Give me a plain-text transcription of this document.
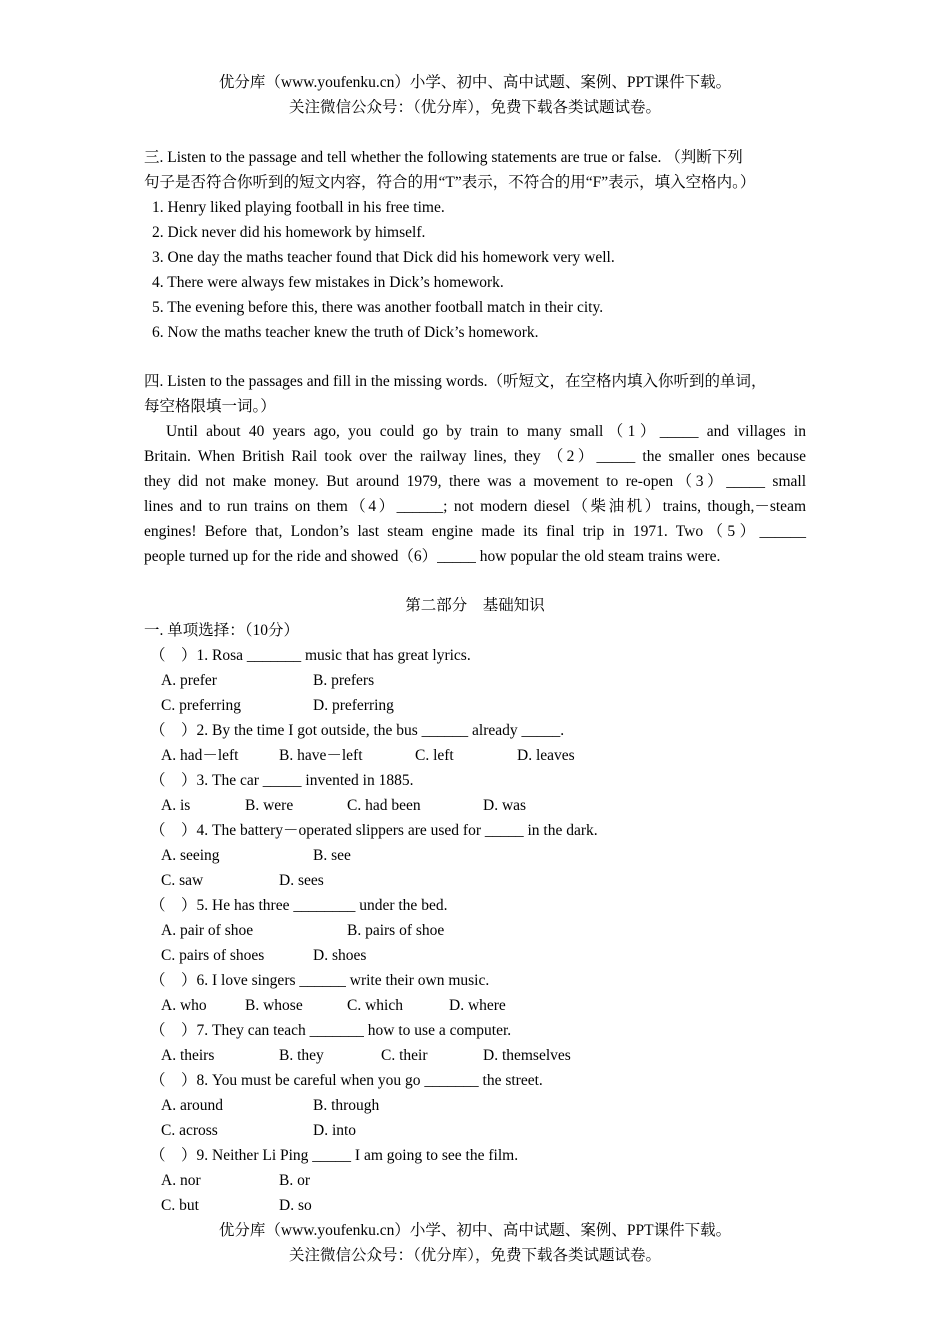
优分库（www.youfenku.cn）小学、初中、高中试题、案例、PPT课件下载。
关注微信公众号：（优分库），免费下载各类试题试卷。
三. Listen to the passage and tell whether the following statements are true or false. （判断下列
句子是否符合你听到的短文内容，符合的用“T”表示，不符合的用“F”表示，填入空格内。）
1. Henry liked playing football in his free time.
2. Dick never did his homework by himself.
3. One day the maths teacher found that Dick did his homework very well.
4. There were always few mistakes in Dick’s homework.
5. The evening before this, there was another football match in their city.
6. Now the maths teacher knew the truth of Dick’s homework.
四. Listen to the passages and fill in the missing words.（听短文，在空格内填入你听到的单词，
每空格限填一词。）
Until about 40 years ago, you could go by train to many small（1）_____ and villages in
Britain. When British Rail took over the railway lines, they （2）_____ the smaller ones because
they did not make money. But around 1979, there was a movement to re-open（3）_____ small
lines and to run trains on them（4）______; not modern diesel（柴油机）trains, though,－steam
engines! Before that, London’s last steam engine made its final trip in 1971. Two（5）______
people turned up for the ride and showed（6）_____ how popular the old steam trains were.
第二部分　基础知识
一. 单项选择：（10分）
（　）1. Rosa _______ music that has great lyrics.
A. prefer	B. prefers
C. preferring	D. preferring
（　）2. By the time I got outside, the bus ______ already _____.
A. had－left	B. have－left	C. left	D. leaves
（　）3. The car _____ invented in 1885.
A. is	B. were	C. had been	D. was
（　）4. The battery－operated slippers are used for _____ in the dark.
A. seeing	B. see
C. saw	D. sees
（　）5. He has three ________ under the bed.
A. pair of shoe	B. pairs of shoe
C. pairs of shoes	D. shoes
（　）6. I love singers ______ write their own music.
A. who B. whose	C. which	D. where
（　）7. They can teach _______ how to use a computer.
A. theirs	B. they	C. their	D. themselves
（　）8. You must be careful when you go _______ the street.
A. around	B. through
C. across	D. into
（　）9. Neither Li Ping _____ I am going to see the film.
A. nor	B. or
C. but	D. so
优分库（www.youfenku.cn）小学、初中、高中试题、案例、PPT课件下载。
关注微信公众号：（优分库），免费下载各类试题试卷。
